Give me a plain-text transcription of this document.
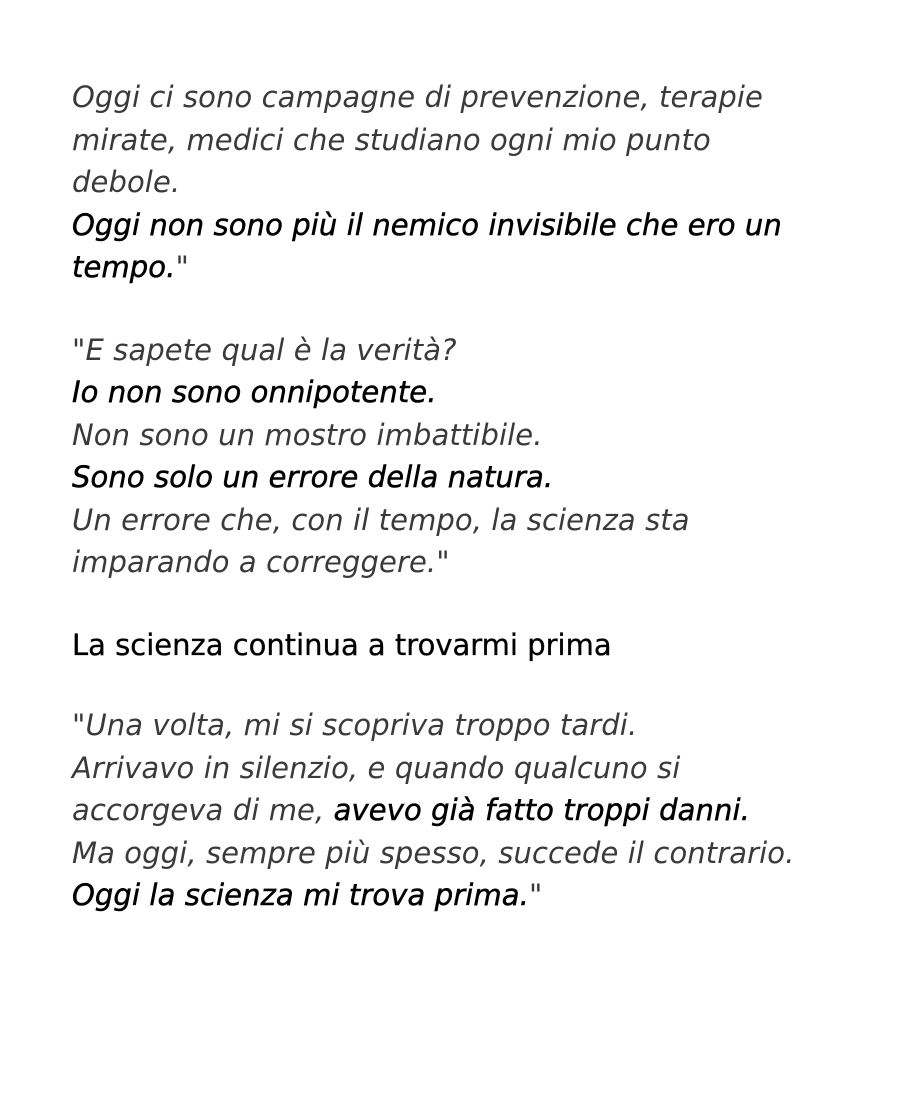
Oggi ci sono campagne di prevenzione, terapie
mirate, medici che studiano ogni mio punto
debole.
Oggi non sono più il nemico invisibile che ero un
tempo."

"E sapete qual è la verità?
Io non sono onnipotente.
Non sono un mostro imbattibile.
Sono solo un errore della natura.
Un errore che, con il tempo, la scienza sta
imparando a correggere."

La scienza continua a trovarmi prima

"Una volta, mi si scopriva troppo tardi.
Arrivavo in silenzio, e quando qualcuno si
accorgeva di me, avevo già fatto troppi danni.
Ma oggi, sempre più spesso, succede il contrario.
Oggi la scienza mi trova prima."
